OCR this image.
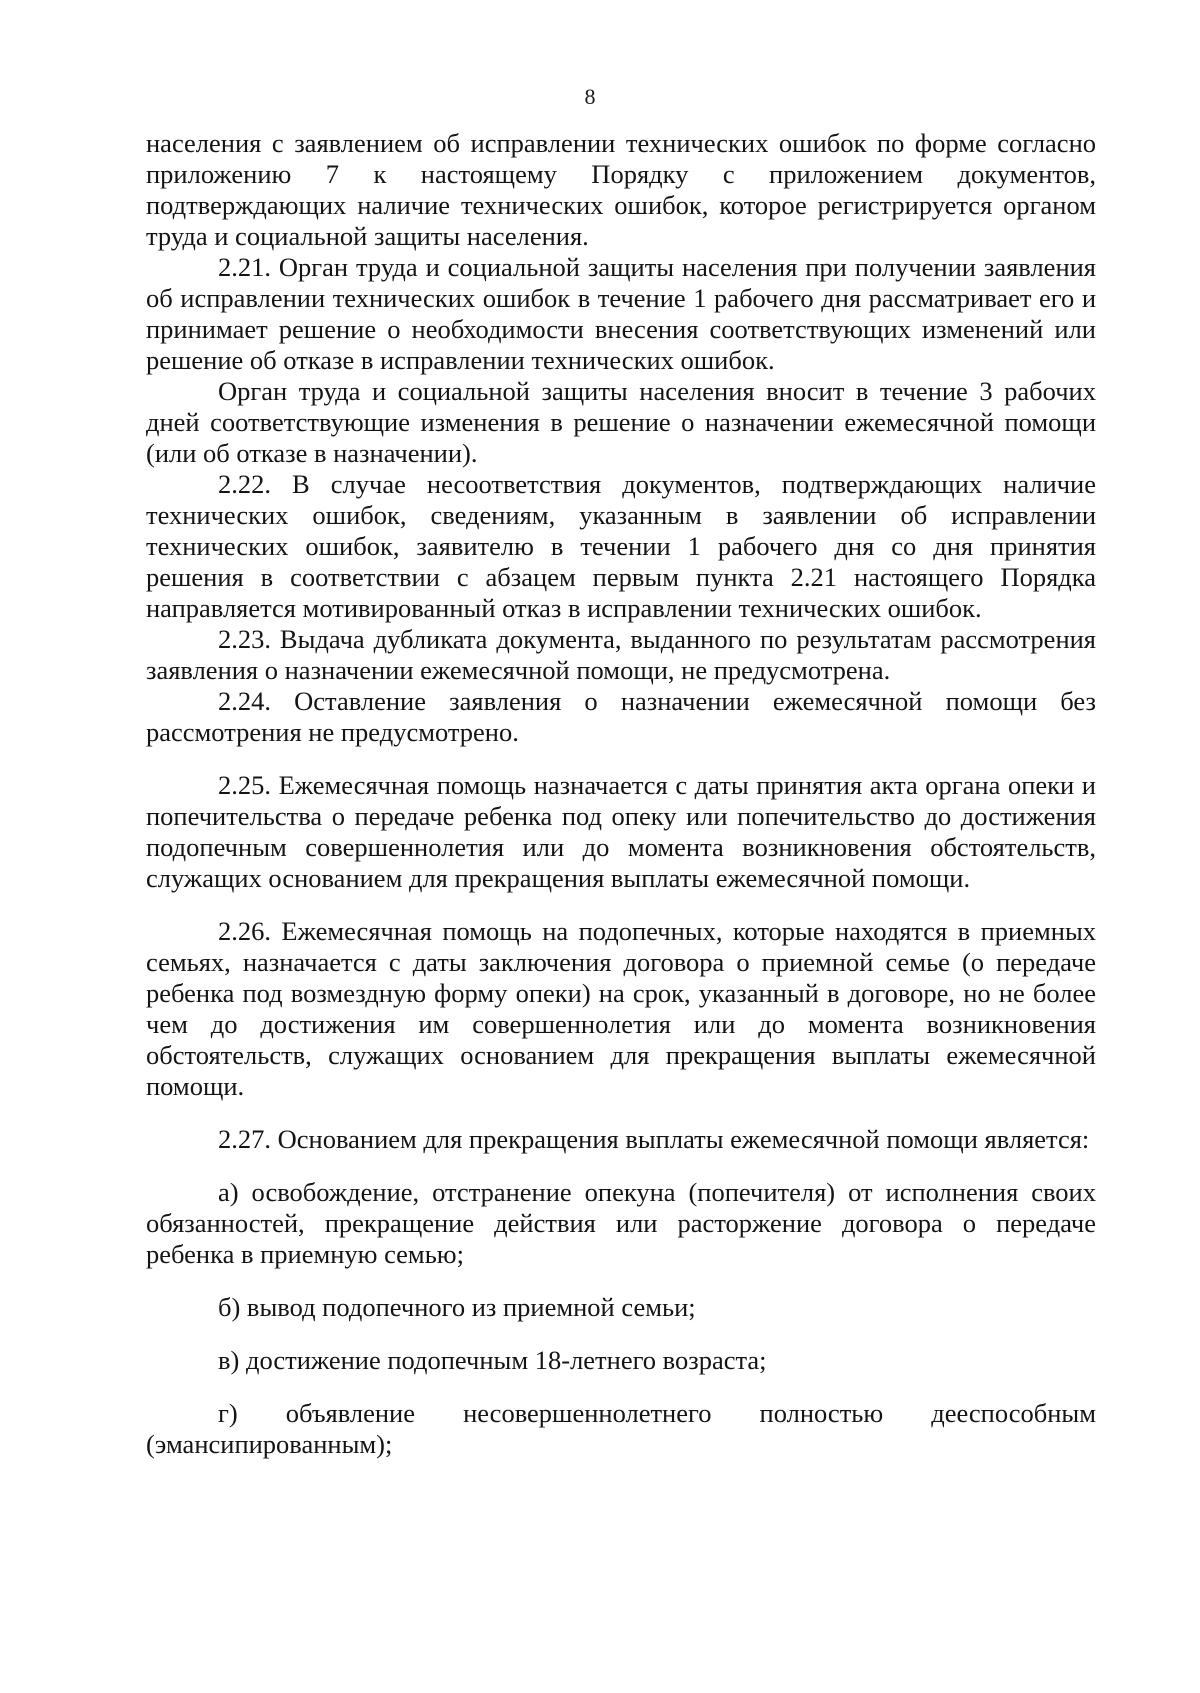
8

населения с заявлением об исправлении технических ошибок по форме согласно приложению 7 к настоящему Порядку с приложением документов, подтверждающих наличие технических ошибок, которое регистрируется органом труда и социальной защиты населения.

2.21. Орган труда и социальной защиты населения при получении заявления об исправлении технических ошибок в течение 1 рабочего дня рассматривает его и принимает решение о необходимости внесения соответствующих изменений или решение об отказе в исправлении технических ошибок.

Орган труда и социальной защиты населения вносит в течение 3 рабочих дней соответствующие изменения в решение о назначении ежемесячной помощи (или об отказе в назначении).

2.22. В случае несоответствия документов, подтверждающих наличие технических ошибок, сведениям, указанным в заявлении об исправлении технических ошибок, заявителю в течении 1 рабочего дня со дня принятия решения в соответствии с абзацем первым пункта 2.21 настоящего Порядка направляется мотивированный отказ в исправлении технических ошибок.

2.23. Выдача дубликата документа, выданного по результатам рассмотрения заявления о назначении ежемесячной помощи, не предусмотрена.

2.24. Оставление заявления о назначении ежемесячной помощи без рассмотрения не предусмотрено.

2.25. Ежемесячная помощь назначается с даты принятия акта органа опеки и попечительства о передаче ребенка под опеку или попечительство до достижения подопечным совершеннолетия или до момента возникновения обстоятельств, служащих основанием для прекращения выплаты ежемесячной помощи.

2.26. Ежемесячная помощь на подопечных, которые находятся в приемных семьях, назначается с даты заключения договора о приемной семье (о передаче ребенка под возмездную форму опеки) на срок, указанный в договоре, но не более чем до достижения им совершеннолетия или до момента возникновения обстоятельств, служащих основанием для прекращения выплаты ежемесячной помощи.

2.27. Основанием для прекращения выплаты ежемесячной помощи является:

а) освобождение, отстранение опекуна (попечителя) от исполнения своих обязанностей, прекращение действия или расторжение договора о передаче ребенка в приемную семью;

б) вывод подопечного из приемной семьи;

в) достижение подопечным 18-летнего возраста;

г) объявление несовершеннолетнего полностью дееспособным (эмансипированным);
